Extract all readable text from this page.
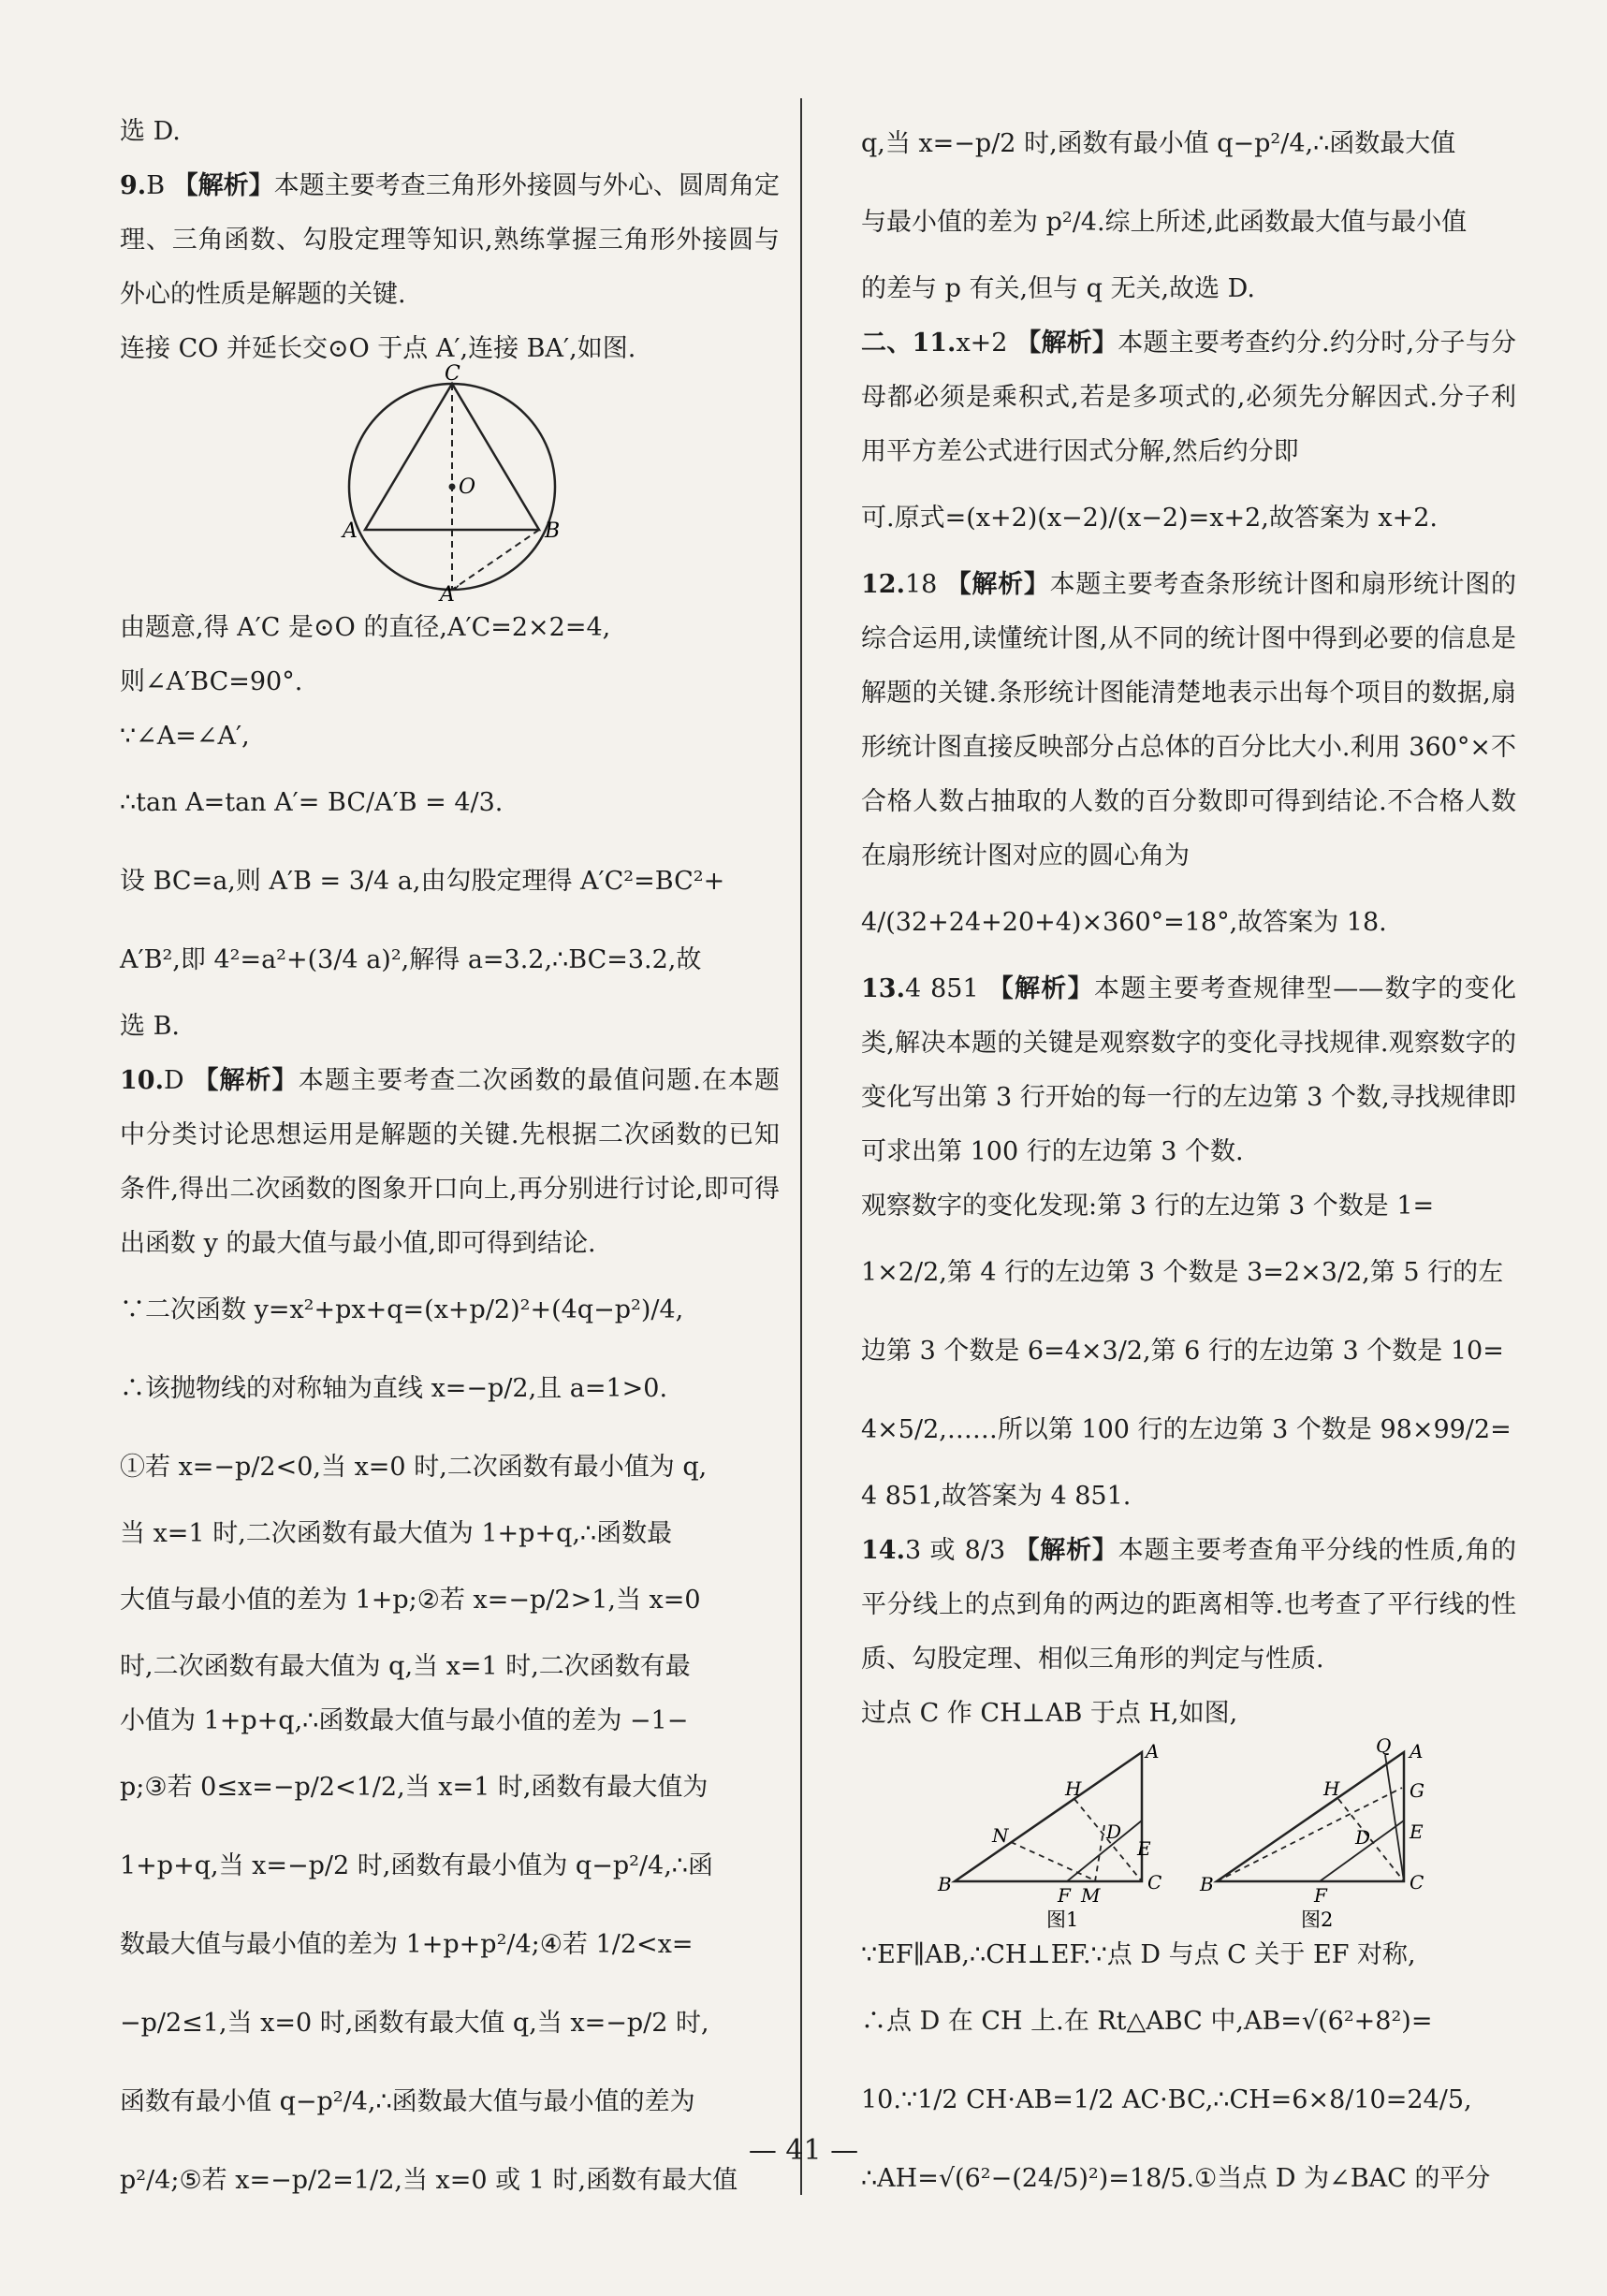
选 D.

9.B 【解析】本题主要考查三角形外接圆与外心、圆周角定理、三角函数、勾股定理等知识,熟练掌握三角形外接圆与外心的性质是解题的关键.

连接 CO 并延长交⊙O 于点 A′,连接 BA′,如图.

C
O
A	B
A′

由题意,得 A′C 是⊙O 的直径,A′C=2×2=4,

则∠A′BC=90°.

∵∠A=∠A′,

∴tan A=tan A′= BC/A′B = 4/3.

设 BC=a,则 A′B = 3/4 a,由勾股定理得 A′C²=BC²+

A′B²,即 4²=a²+(3/4 a)²,解得 a=3.2,∴BC=3.2,故

选 B.

10.D 【解析】本题主要考查二次函数的最值问题.在本题中分类讨论思想运用是解题的关键.先根据二次函数的已知条件,得出二次函数的图象开口向上,再分别进行讨论,即可得出函数 y 的最大值与最小值,即可得到结论.

∵二次函数 y=x²+px+q=(x+p/2)²+(4q−p²)/4,

∴该抛物线的对称轴为直线 x=−p/2,且 a=1>0.

①若 x=−p/2<0,当 x=0 时,二次函数有最小值为 q,

当 x=1 时,二次函数有最大值为 1+p+q,∴函数最

大值与最小值的差为 1+p;②若 x=−p/2>1,当 x=0

时,二次函数有最大值为 q,当 x=1 时,二次函数有最

小值为 1+p+q,∴函数最大值与最小值的差为 −1−

p;③若 0≤x=−p/2<1/2,当 x=1 时,函数有最大值为

1+p+q,当 x=−p/2 时,函数有最小值为 q−p²/4,∴函

数最大值与最小值的差为 1+p+p²/4;④若 1/2<x=

−p/2≤1,当 x=0 时,函数有最大值 q,当 x=−p/2 时,

函数有最小值 q−p²/4,∴函数最大值与最小值的差为

p²/4;⑤若 x=−p/2=1/2,当 x=0 或 1 时,函数有最大值

q,当 x=−p/2 时,函数有最小值 q−p²/4,∴函数最大值

与最小值的差为 p²/4.综上所述,此函数最大值与最小值

的差与 p 有关,但与 q 无关,故选 D.

二、11.x+2 【解析】本题主要考查约分.约分时,分子与分母都必须是乘积式,若是多项式的,必须先分解因式.分子利用平方差公式进行因式分解,然后约分即

可.原式=(x+2)(x−2)/(x−2)=x+2,故答案为 x+2.

12.18 【解析】本题主要考查条形统计图和扇形统计图的综合运用,读懂统计图,从不同的统计图中得到必要的信息是解题的关键.条形统计图能清楚地表示出每个项目的数据,扇形统计图直接反映部分占总体的百分比大小.利用 360°×不合格人数占抽取的人数的百分数即可得到结论.不合格人数在扇形统计图对应的圆心角为

4/(32+24+20+4)×360°=18°,故答案为 18.

13.4 851 【解析】本题主要考查规律型——数字的变化类,解决本题的关键是观察数字的变化寻找规律.观察数字的变化写出第 3 行开始的每一行的左边第 3 个数,寻找规律即可求出第 100 行的左边第 3 个数.

观察数字的变化发现:第 3 行的左边第 3 个数是 1=

1×2/2,第 4 行的左边第 3 个数是 3=2×3/2,第 5 行的左

边第 3 个数是 6=4×3/2,第 6 行的左边第 3 个数是 10=

4×5/2,……所以第 100 行的左边第 3 个数是 98×99/2=

4 851,故答案为 4 851.

14.3 或 8/3 【解析】本题主要考查角平分线的性质,角的平分线上的点到角的两边的距离相等.也考查了平行线的性质、勾股定理、相似三角形的判定与性质.

过点 C 作 CH⊥AB 于点 H,如图,

B	C
A
H
N	D
E
F M
图1
B	C
A
Q
H	G
E
D
F
图2

∵EF∥AB,∴CH⊥EF.∵点 D 与点 C 关于 EF 对称,

∴点 D 在 CH 上.在 Rt△ABC 中,AB=√(6²+8²)=

10.∵1/2 CH·AB=1/2 AC·BC,∴CH=6×8/10=24/5,

∴AH=√(6²−(24/5)²)=18/5.①当点 D 为∠BAC 的平分

— 41 —
